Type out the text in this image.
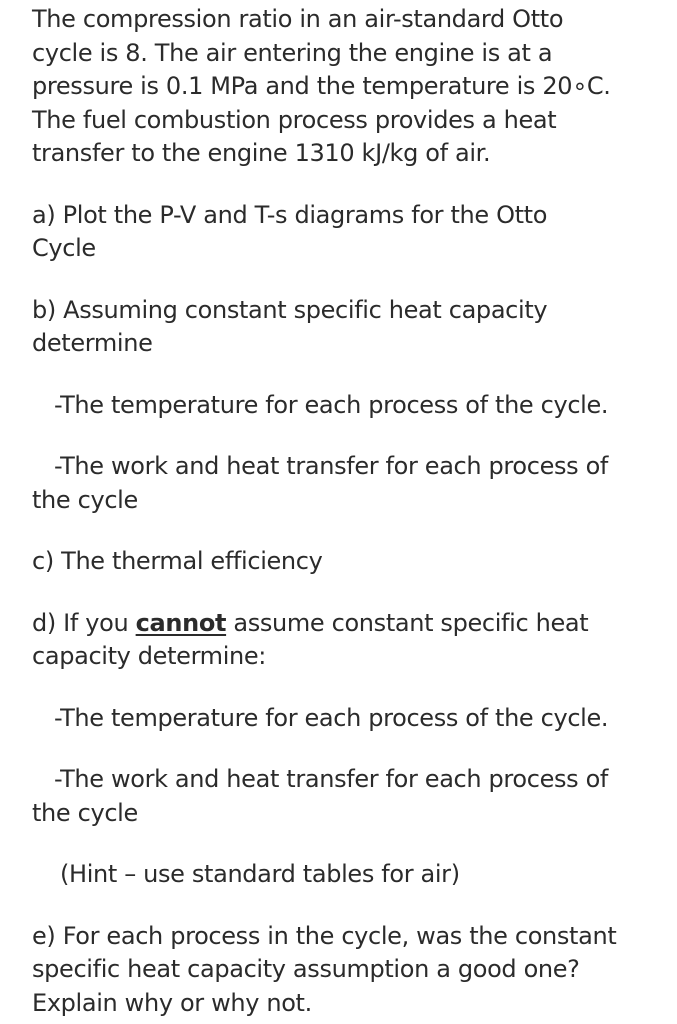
The compression ratio in an air-standard Otto
cycle is 8. The air entering the engine is at a
pressure is 0.1 MPa and the temperature is 20∘C.
The fuel combustion process provides a heat
transfer to the engine 1310 kJ/kg of air.

a) Plot the P-V and T-s diagrams for the Otto
Cycle

b) Assuming constant specific heat capacity
determine

-The temperature for each process of the cycle.

-The work and heat transfer for each process of
the cycle

c) The thermal efficiency

d) If you cannot assume constant specific heat
capacity determine:

-The temperature for each process of the cycle.

-The work and heat transfer for each process of
the cycle

(Hint – use standard tables for air)

e) For each process in the cycle, was the constant
specific heat capacity assumption a good one?
Explain why or why not.
